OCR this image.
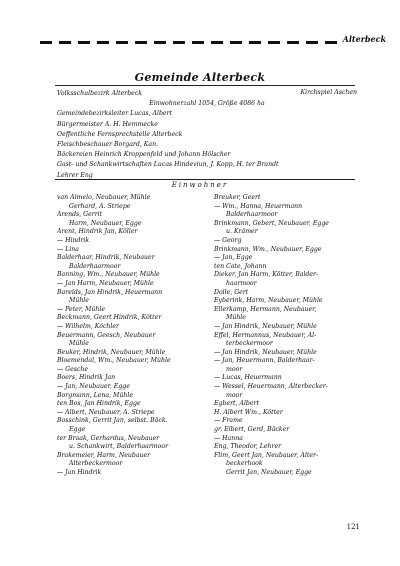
Alterbeck
Gemeinde Alterbeck
Kirchspiel Aschen
Volksschulbezirk Alterbeck
Einwohnerzahl 1054, Größe 4086 ha
Gemeindebezirksleiter Lucas, Albert
Bürgermeister A. H. Hemmecke
Oeffentliche Fernsprechstelle Alterbeck
Fleischbeschauer Borgard, Kan.
Bäckereien Heinrich Kroppenfeld und Johann Hölscher
Gast- und Schankwirtschaften Lucas Hindeviun, J. Kopp, H. ter Brandt
Lehrer Eng
Einwohner
van Almelo, Neubauer, Mühle
Gerhard, A. Striepe
Arends, Gerrit
Harm, Neubauer, Egge
Arent, Hindrik Jan, Köller
— Hindrik
— Lina
Balderhaar, Hindrik, Neubauer
Balderhaarmoor
Banning, Wm., Neubauer, Mühle
— Jan Harm, Neubauer, Mühle
Barelds, Jan Hindrik, Heuermann
Mühle
— Peter, Mühle
Beckmann, Geert Hindrik, Kötter
— Wilhelm, Köchler
Beuermann, Geesch, Neubauer
Mühle
Beuker, Hindrik, Neubauer, Mühle
Bloemendal, Wm., Neubauer, Mühle
— Gesche
Boers, Hindrik Jan
— Jan, Neubauer, Egge
Borgmann, Lena, Mühle
ten Bos, Jan Hindrik, Egge
— Albert, Neubauer, A. Striepe
Bosschink, Gerrit Jan, selbst. Bäck.
Egge
ter Braak, Gerhardus, Neubauer
u. Schankwirt, Balderhaarmoor
Brakemeier, Harm, Neubauer
Alterbeckermoor
— Jan Hindrik
Breuker, Geert
— Wm., Hanna, Heuermann
Balderhaarmoor
Brinkmann, Gebert, Neubauer, Egge
u. Krämer
— Georg
Brinkmann, Wm., Neubauer, Egge
— Jan, Egge
ten Cate, Johann
Dieker, Jan Harm, Kötter, Balder-
haarmoor
Dolle, Gert
Eyberink, Harm, Neubauer, Mühle
Ellerkamp, Hermann, Neubauer,
Mühle
— Jan Hindrik, Neubauer, Mühle
Effel, Hermannus, Neubauer, Al-
terbeckermoor
— Jan Hindrik, Neubauer, Mühle
— Jan, Heuermann, Balderhaar-
moor
— Lucas, Heuermann
— Wessel, Heuermann, Alterbecker-
moor
Egbert, Albert
H. Albert Wm., Kötter
— Frame
gr. Elbert, Gerd, Bäcker
— Hanna
Eng, Theodor, Lehrer
Flim, Geert Jan, Neubauer, Alter-
beckerhook
Gerrit Jan, Neubauer, Egge
121
